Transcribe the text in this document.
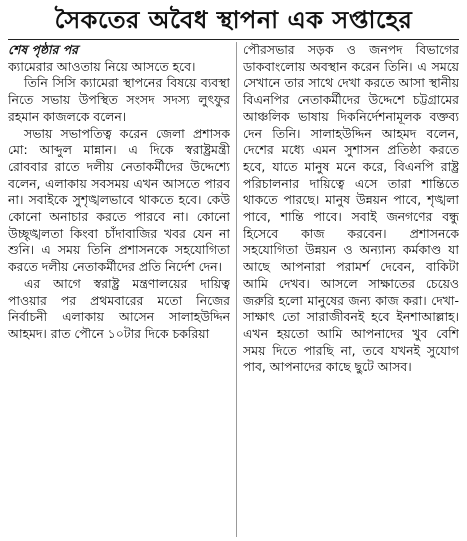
সৈকতের অবৈধ স্থাপনা এক সপ্তাহের

শেষ পৃষ্ঠার পর

ক্যামেরার আওতায় নিয়ে আসতে হবে।

তিনি সিসি ক্যামেরা স্থাপনের বিষয়ে ব্যবস্থা নিতে সভায় উপস্থিত সংসদ সদস্য লুৎফুর রহমান কাজলকে বলেন।

সভায় সভাপতিত্ব করেন জেলা প্রশাসক মো: আব্দুল মান্নান। এ দিকে স্বরাষ্ট্রমন্ত্রী রোববার রাতে দলীয় নেতাকর্মীদের উদ্দেশ্যে বলেন, এলাকায় সবসময় এখন আসতে পারব না। সবাইকে সুশৃঙ্খলভাবে থাকতে হবে। কেউ কোনো অনাচার করতে পারবে না। কোনো উচ্ছৃঙ্খলতা কিংবা চাঁদাবাজির খবর যেন না শুনি। এ সময় তিনি প্রশাসনকে সহযোগিতা করতে দলীয় নেতাকর্মীদের প্রতি নির্দেশ দেন।

এর আগে স্বরাষ্ট্র মন্ত্রণালয়ের দায়িত্ব পাওয়ার পর প্রথমবারের মতো নিজের নির্বাচনী এলাকায় আসেন সালাহউদ্দিন আহমদ। রাত পৌনে ১০টার দিকে চকরিয়া

পৌরসভার সড়ক ও জনপদ বিভাগের ডাকবাংলোয় অবস্থান করেন তিনি। এ সময়ে সেখানে তার সাথে দেখা করতে আসা স্থানীয় বিএনপির নেতাকর্মীদের উদ্দেশে চট্টগ্রামের আঞ্চলিক ভাষায় দিকনির্দেশনামূলক বক্তব্য দেন তিনি। সালাহউদ্দিন আহমদ বলেন, দেশের মধ্যে এমন সুশাসন প্রতিষ্ঠা করতে হবে, যাতে মানুষ মনে করে, বিএনপি রাষ্ট্র পরিচালনার দায়িত্বে এসে তারা শান্তিতে থাকতে পারছে। মানুষ উন্নয়ন পাবে, শৃঙ্খলা পাবে, শান্তি পাবে। সবাই জনগণের বন্ধু হিসেবে কাজ করবেন। প্রশাসনকে সহযোগিতা উন্নয়ন ও অন্যান্য কর্মকাণ্ড যা আছে আপনারা পরামর্শ দেবেন, বাকিটা আমি দেখব। আসলে সাক্ষাতের চেয়েও জরুরি হলো মানুষের জন্য কাজ করা। দেখা-সাক্ষাৎ তো সারাজীবনই হবে ইনশাআল্লাহ। এখন হয়তো আমি আপনাদের খুব বেশি সময় দিতে পারছি না, তবে যখনই সুযোগ পাব, আপনাদের কাছে ছুটে আসব।
